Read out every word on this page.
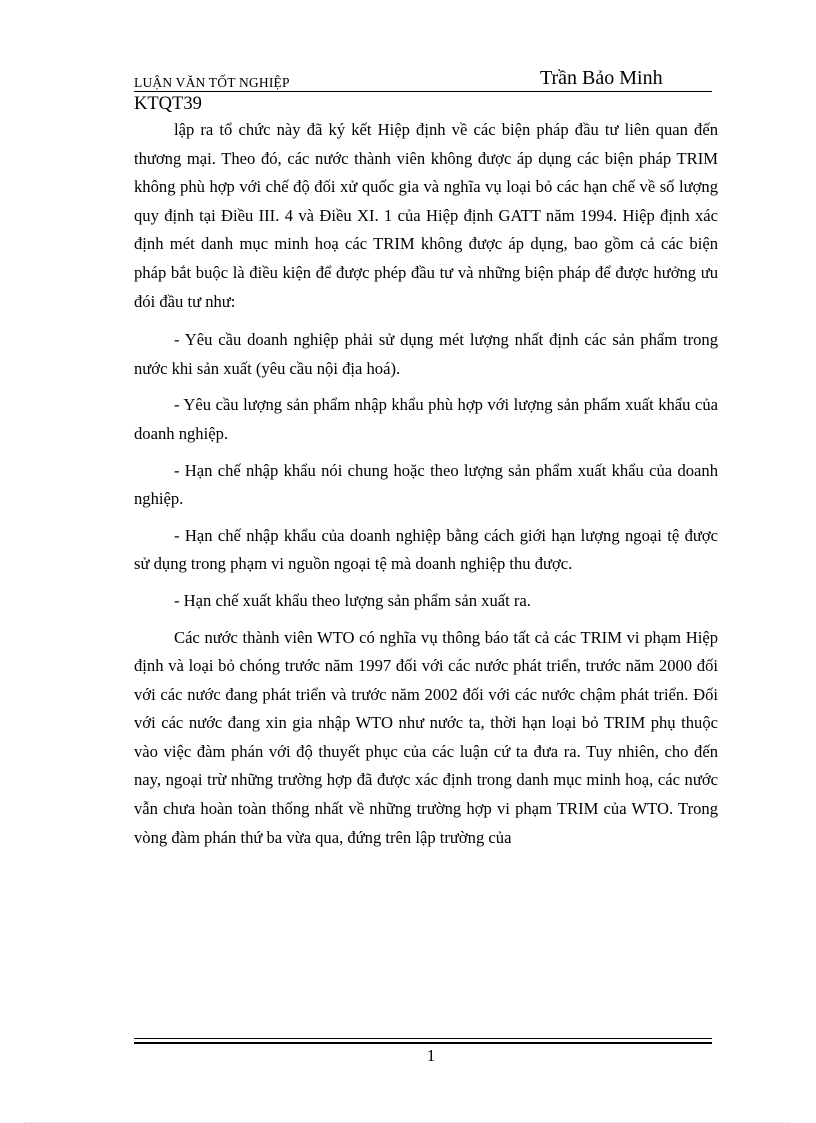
LUẬN VĂN TỐT NGHIỆP	Trần Bảo Minh
KTQT39

lập ra tổ chức này đã ký kết Hiệp định về các biện pháp đầu tư liên quan đến thương mại. Theo đó, các nước thành viên không được áp dụng các biện pháp TRIM không phù hợp với chế độ đối xử quốc gia và nghĩa vụ loại bỏ các hạn chế về số lượng quy định tại Điều III. 4 và Điều XI. 1 của Hiệp định GATT năm 1994. Hiệp định xác định mét danh mục minh hoạ các TRIM không được áp dụng, bao gồm cả các biện pháp bắt buộc là điều kiện để được phép đầu tư và những biện pháp để được hưởng ưu đói đầu tư như:

- Yêu cầu doanh nghiệp phải sử dụng mét lượng nhất định các sản phẩm trong nước khi sản xuất (yêu cầu nội địa hoá).

- Yêu cầu lượng sản phẩm nhập khẩu phù hợp với lượng sản phẩm xuất khẩu của doanh nghiệp.

- Hạn chế nhập khẩu nói chung hoặc theo lượng sản phẩm xuất khẩu của doanh nghiệp.

- Hạn chế nhập khẩu của doanh nghiệp bằng cách giới hạn lượng ngoại tệ được sử dụng trong phạm vi nguồn ngoại tệ mà doanh nghiệp thu được.

- Hạn chế xuất khẩu theo lượng sản phẩm sản xuất ra.

Các nước thành viên WTO có nghĩa vụ thông báo tất cả các TRIM vi phạm Hiệp định và loại bỏ chóng trước năm 1997 đối với các nước phát triển, trước năm 2000 đối với các nước đang phát triển và trước năm 2002 đối với các nước chậm phát triển. Đối với các nước đang xin gia nhập WTO như nước ta, thời hạn loại bỏ TRIM phụ thuộc vào việc đàm phán với độ thuyết phục của các luận cứ ta đưa ra. Tuy nhiên, cho đến nay, ngoại trừ những trường hợp đã được xác định trong danh mục minh hoạ, các nước vẫn chưa hoàn toàn thống nhất về những trường hợp vi phạm TRIM của WTO. Trong vòng đàm phán thứ ba vừa qua, đứng trên lập trường của

1
